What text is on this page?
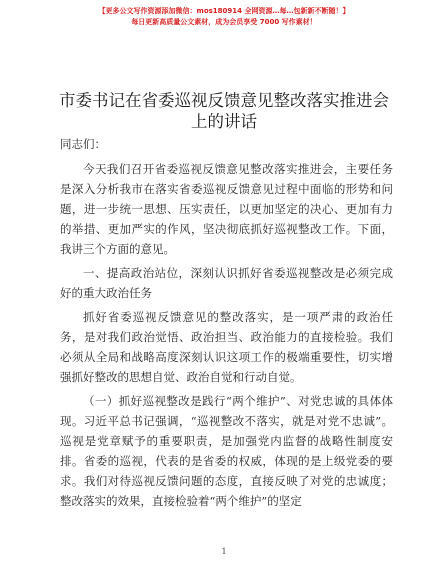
【更多公文写作资源添加微信：mos180914 全网资源…每…包新新不断随！】
每日更新高质量公文素材，成为会员享受 7000 写作素材！
市委书记在省委巡视反馈意见整改落实推进会
上的讲话
同志们：
今天我们召开省委巡视反馈意见整改落实推进会，主要任务是深入分析我市在落实省委巡视反馈意见过程中面临的形势和问题，进一步统一思想、压实责任，以更加坚定的决心、更加有力的举措、更加严实的作风，坚决彻底抓好巡视整改工作。下面，我讲三个方面的意见。
一、提高政治站位，深刻认识抓好省委巡视整改是必须完成好的重大政治任务
抓好省委巡视反馈意见的整改落实，是一项严肃的政治任务，是对我们政治觉悟、政治担当、政治能力的直接检验。我们必须从全局和战略高度深刻认识这项工作的极端重要性，切实增强抓好整改的思想自觉、政治自觉和行动自觉。
（一）抓好巡视整改是践行“两个维护”、对党忠诚的具体体现。习近平总书记强调，“巡视整改不落实，就是对党不忠诚”。巡视是党章赋予的重要职责，是加强党内监督的战略性制度安排。省委的巡视，代表的是省委的权威，体现的是上级党委的要求。我们对待巡视反馈问题的态度，直接反映了对党的忠诚度；整改落实的效果，直接检验着“两个维护”的坚定
1
